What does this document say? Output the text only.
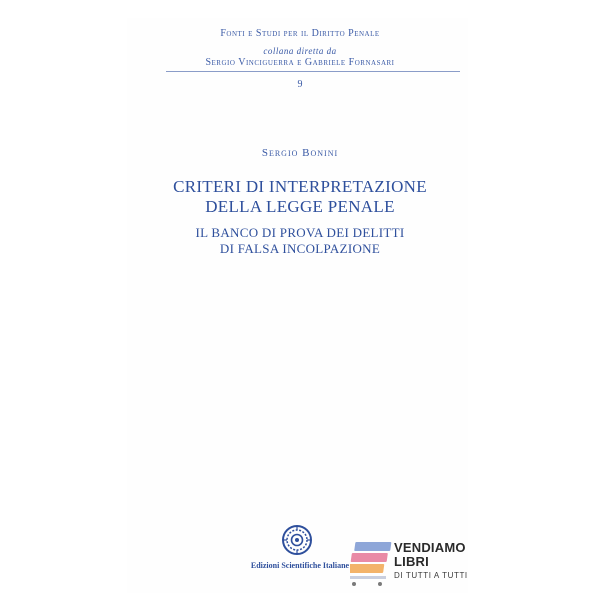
Fonti e Studi per il Diritto Penale
collana diretta da
Sergio Vinciguerra e Gabriele Fornasari
9
Sergio Bonini
CRITERI DI INTERPRETAZIONE
DELLA LEGGE PENALE
IL BANCO DI PROVA DEI DELITTI
DI FALSA INCOLPAZIONE
Edizioni Scientifiche Italiane
VENDIAMO
LIBRI
DI TUTTI A TUTTI
